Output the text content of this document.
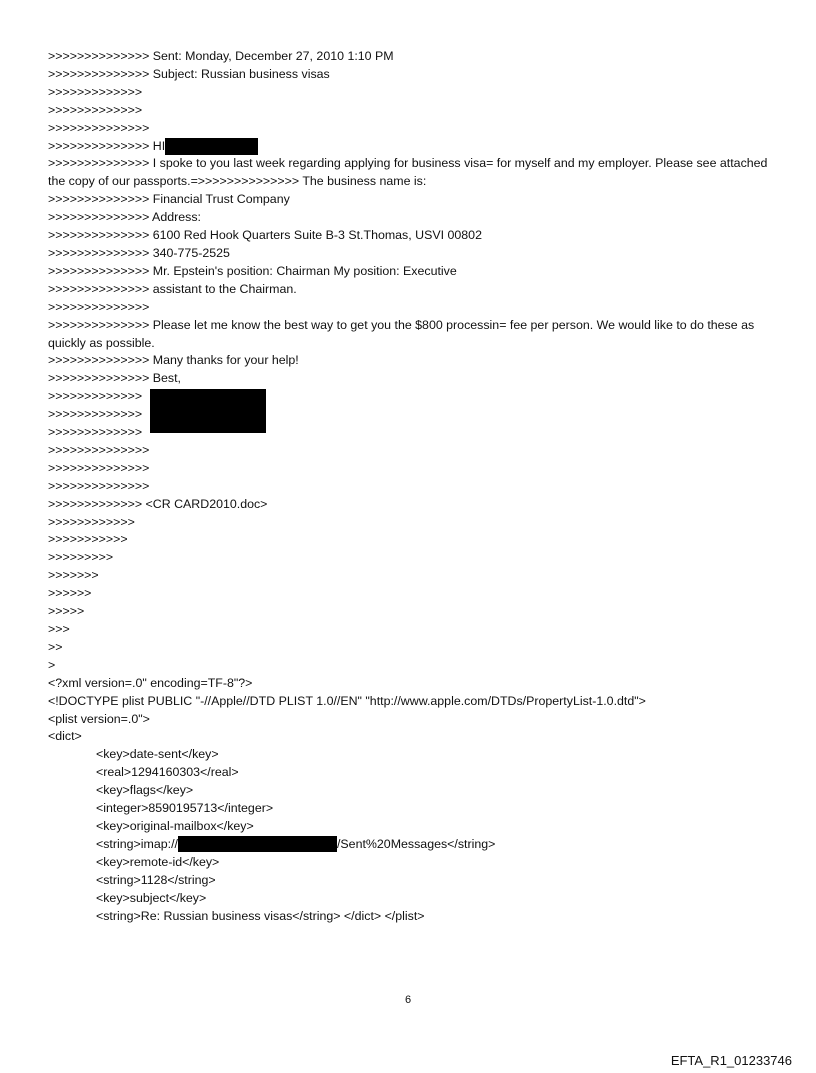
>>>>>>>>>>>>>> Sent: Monday, December 27, 2010 1:10 PM
>>>>>>>>>>>>>> Subject: Russian business visas
>>>>>>>>>>>>>
>>>>>>>>>>>>>
>>>>>>>>>>>>>>
>>>>>>>>>>>>>> HI
>>>>>>>>>>>>>> I spoke to you last week regarding applying for business visa= for myself and my employer. Please see attached the copy of our passports.=>>>>>>>>>>>>>> The business name is:
>>>>>>>>>>>>>> Financial Trust Company
>>>>>>>>>>>>>> Address:
>>>>>>>>>>>>>> 6100 Red Hook Quarters Suite B-3 St.Thomas, USVI 00802
>>>>>>>>>>>>>> 340-775-2525
>>>>>>>>>>>>>> Mr. Epstein's position: Chairman My position: Executive
>>>>>>>>>>>>>> assistant to the Chairman.
>>>>>>>>>>>>>>
>>>>>>>>>>>>>> Please let me know the best way to get you the $800 processin= fee per person. We would like to do these as quickly as possible.
>>>>>>>>>>>>>> Many thanks for your help!
>>>>>>>>>>>>>> Best,
>>>>>>>>>>>>>
>>>>>>>>>>>>>
>>>>>>>>>>>>>
>>>>>>>>>>>>>>
>>>>>>>>>>>>>>
>>>>>>>>>>>>>>
>>>>>>>>>>>>> <CR CARD2010.doc>
>>>>>>>>>>>>
>>>>>>>>>>>
>>>>>>>>>
>>>>>>>
>>>>>>
>>>>>
>>>
>>
>
<?xml version=.0" encoding=TF-8"?>
<!DOCTYPE plist PUBLIC "-//Apple//DTD PLIST 1.0//EN" "http://www.apple.com/DTDs/PropertyList-1.0.dtd">
<plist version=.0">
<dict>
<key>date-sent</key>
<real>1294160303</real>
<key>flags</key>
<integer>8590195713</integer>
<key>original-mailbox</key>
<string>imap://	/Sent%20Messages</string>
<key>remote-id</key>
<string>1128</string>
<key>subject</key>
<string>Re: Russian business visas</string> </dict> </plist>
6
EFTA_R1_01233746
